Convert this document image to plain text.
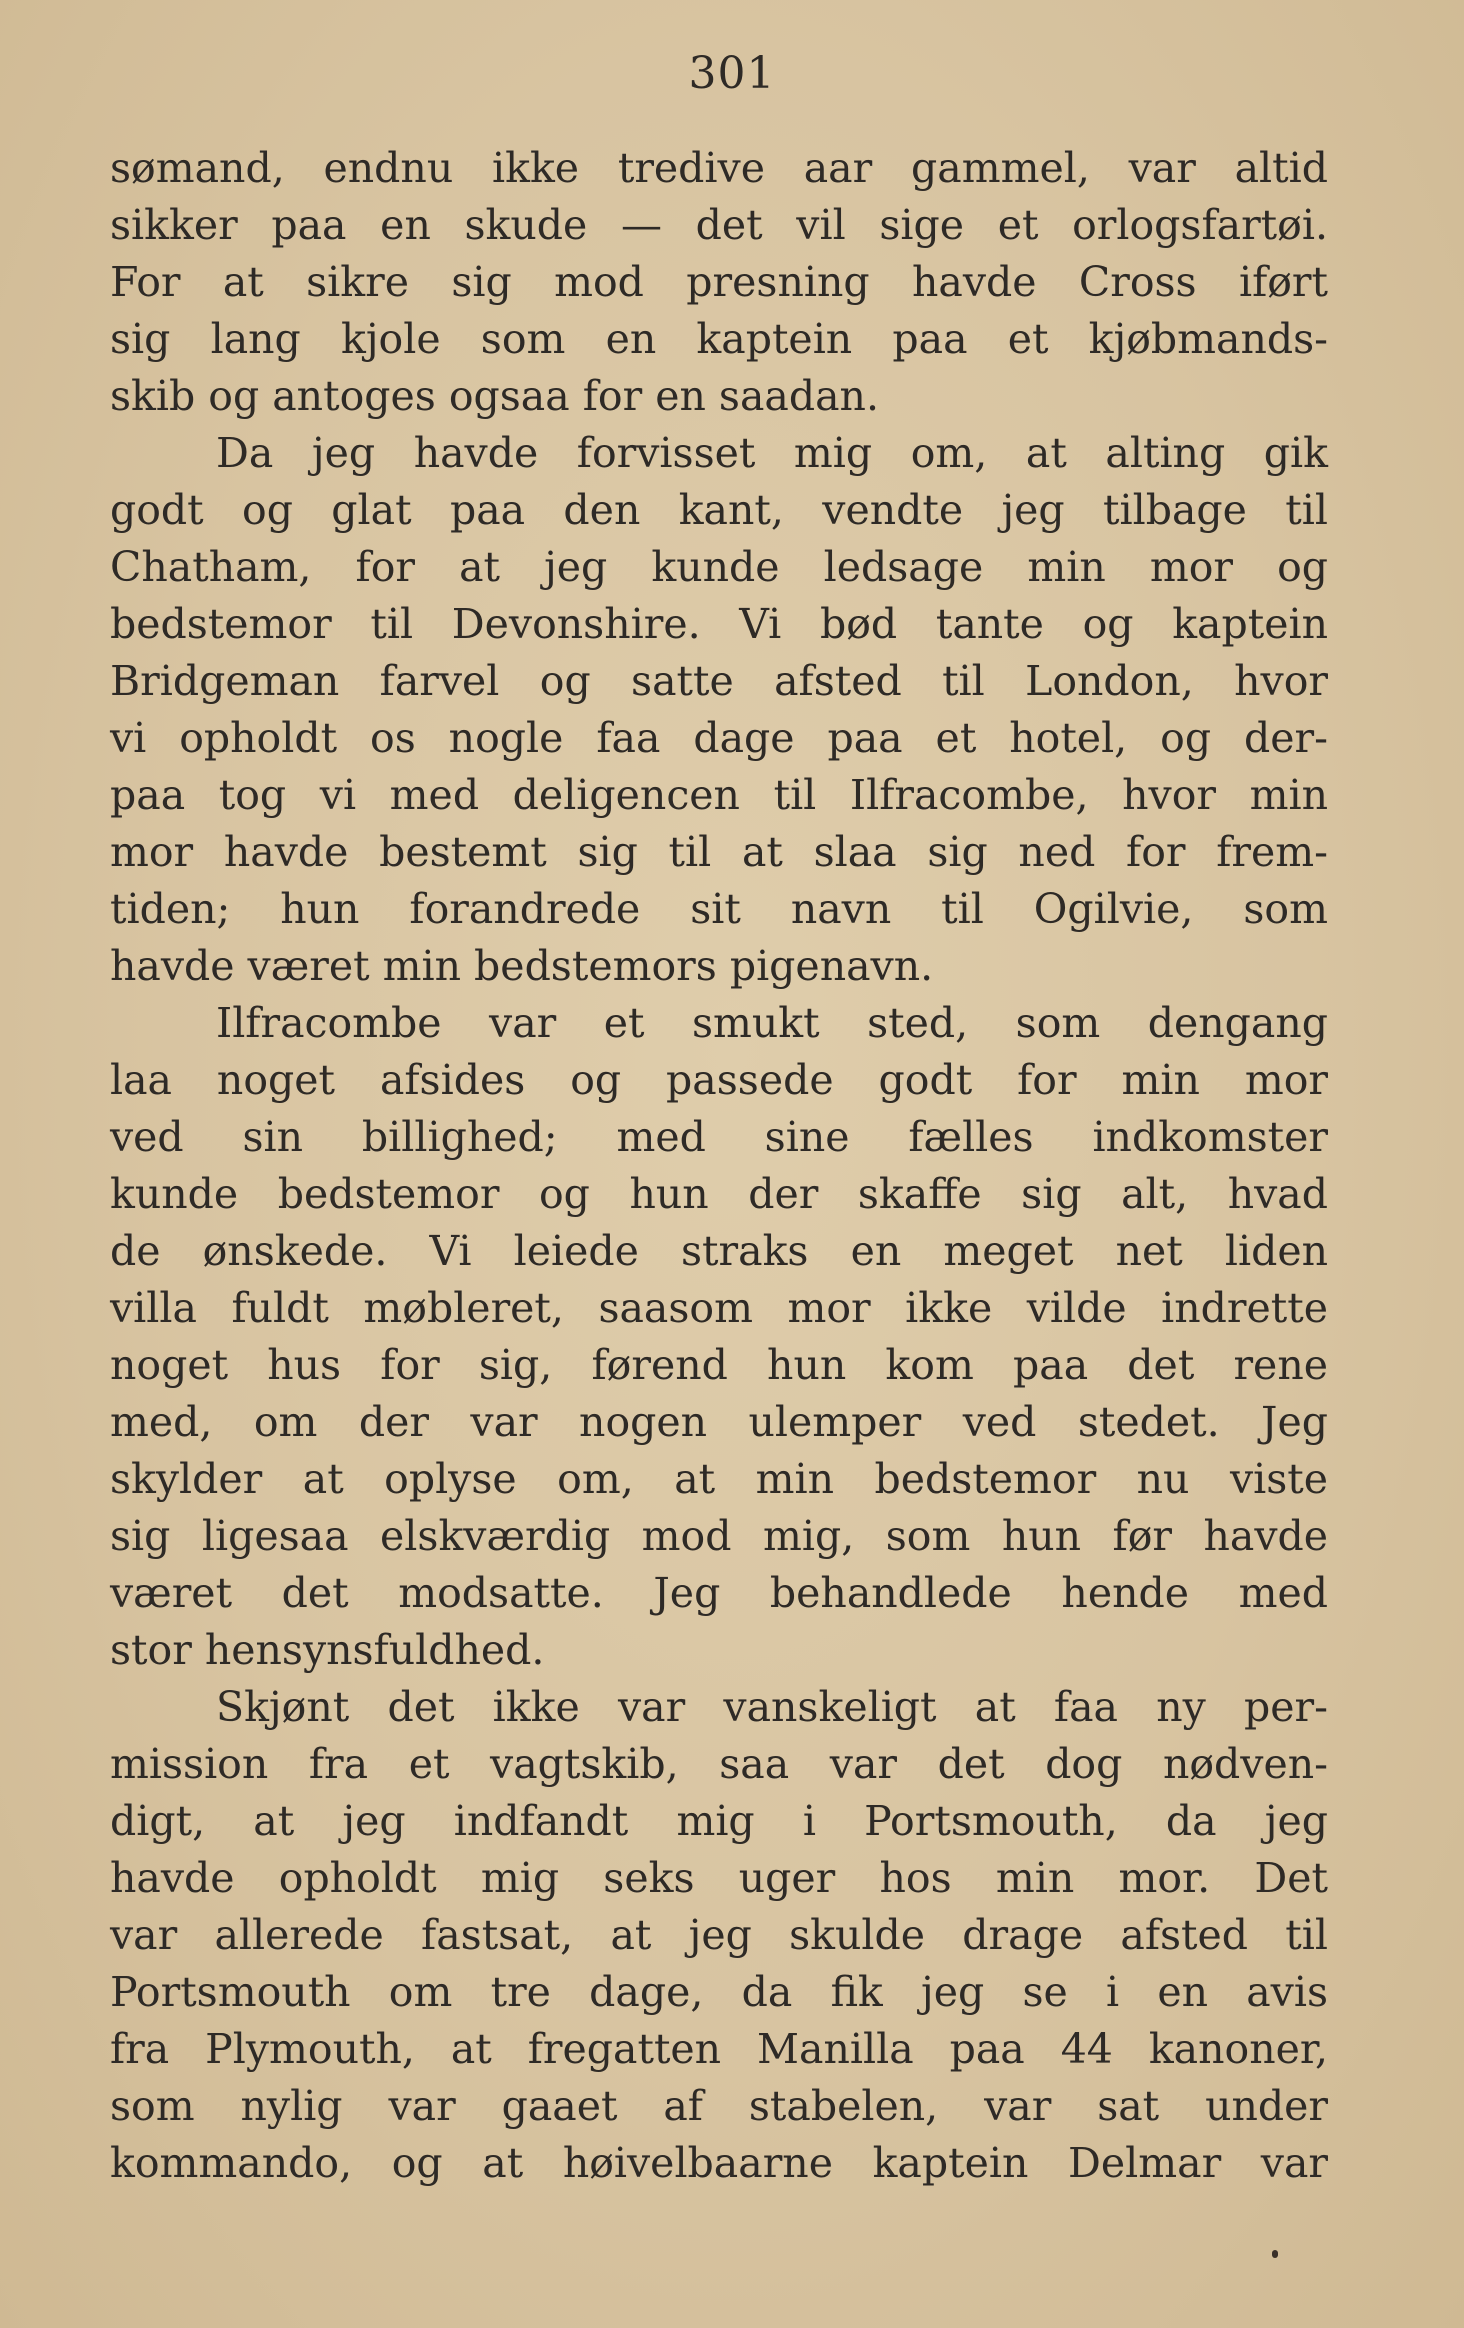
301
sømand, endnu ikke tredive aar gammel, var altid
sikker paa en skude — det vil sige et orlogsfartøi.
For at sikre sig mod presning havde Cross iført
sig lang kjole som en kaptein paa et kjøbmands-
skib og antoges ogsaa for en saadan.
Da jeg havde forvisset mig om, at alting gik
godt og glat paa den kant, vendte jeg tilbage til
Chatham, for at jeg kunde ledsage min mor og
bedstemor til Devonshire. Vi bød tante og kaptein
Bridgeman farvel og satte afsted til London, hvor
vi opholdt os nogle faa dage paa et hotel, og der-
paa tog vi med deligencen til Ilfracombe, hvor min
mor havde bestemt sig til at slaa sig ned for frem-
tiden; hun forandrede sit navn til Ogilvie, som
havde været min bedstemors pigenavn.
Ilfracombe var et smukt sted, som dengang
laa noget afsides og passede godt for min mor
ved sin billighed; med sine fælles indkomster
kunde bedstemor og hun der skaffe sig alt, hvad
de ønskede. Vi leiede straks en meget net liden
villa fuldt møbleret, saasom mor ikke vilde indrette
noget hus for sig, førend hun kom paa det rene
med, om der var nogen ulemper ved stedet. Jeg
skylder at oplyse om, at min bedstemor nu viste
sig ligesaa elskværdig mod mig, som hun før havde
været det modsatte. Jeg behandlede hende med
stor hensynsfuldhed.
Skjønt det ikke var vanskeligt at faa ny per-
mission fra et vagtskib, saa var det dog nødven-
digt, at jeg indfandt mig i Portsmouth, da jeg
havde opholdt mig seks uger hos min mor. Det
var allerede fastsat, at jeg skulde drage afsted til
Portsmouth om tre dage, da fik jeg se i en avis
fra Plymouth, at fregatten Manilla paa 44 kanoner,
som nylig var gaaet af stabelen, var sat under
kommando, og at høivelbaarne kaptein Delmar var
